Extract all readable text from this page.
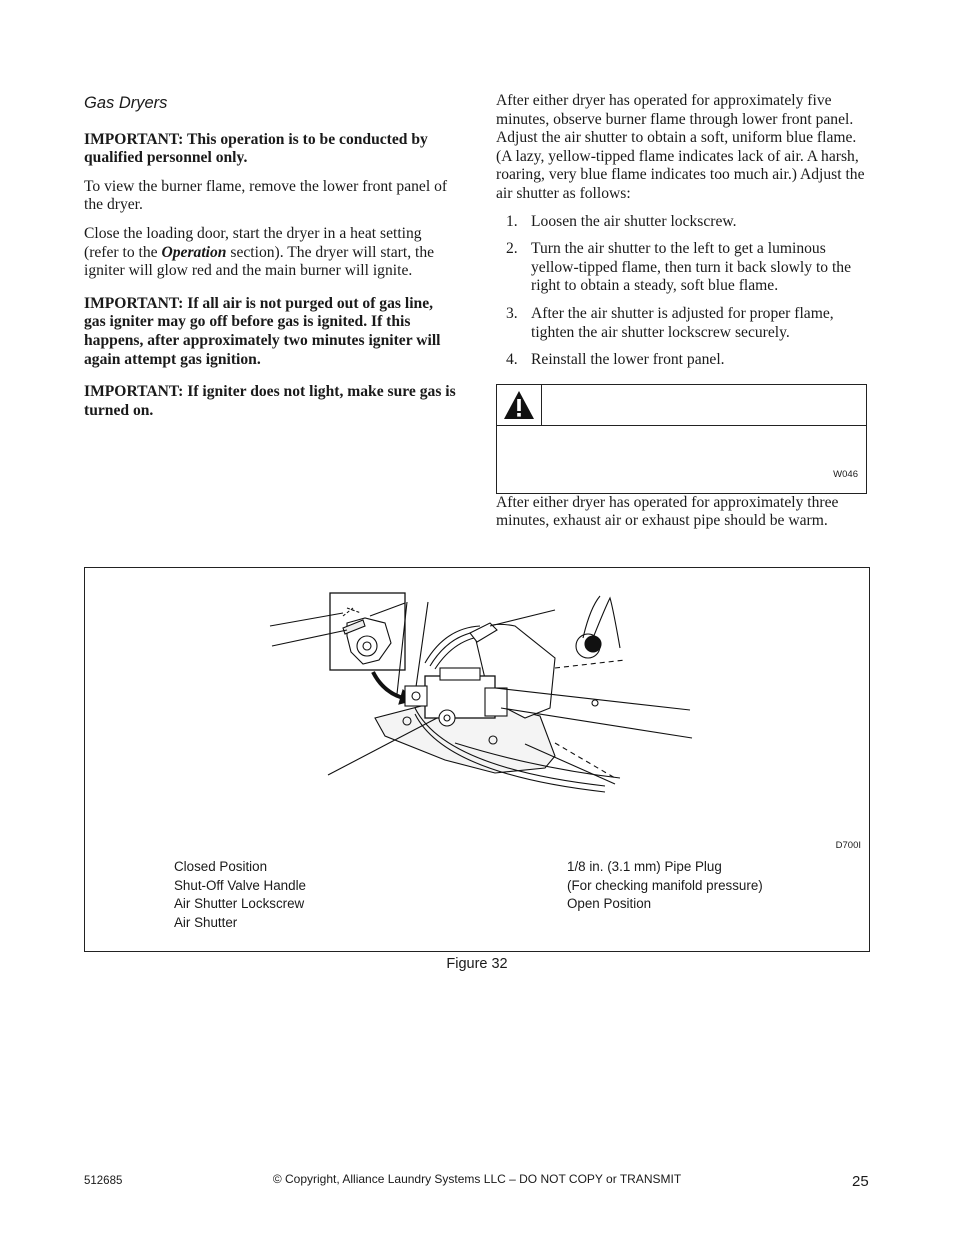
Gas Dryers

IMPORTANT: This operation is to be conducted by qualified personnel only.

To view the burner flame, remove the lower front panel of the dryer.

Close the loading door, start the dryer in a heat setting (refer to the Operation section). The dryer will start, the igniter will glow red and the main burner will ignite.

IMPORTANT: If all air is not purged out of gas line, gas igniter may go off before gas is ignited. If this happens, after approximately two minutes igniter will again attempt gas ignition.

IMPORTANT: If igniter does not light, make sure gas is turned on.

After either dryer has operated for approximately five minutes, observe burner flame through lower front panel. Adjust the air shutter to obtain a soft, uniform blue flame. (A lazy, yellow-tipped flame indicates lack of air. A harsh, roaring, very blue flame indicates too much air.) Adjust the air shutter as follows:

1. Loosen the air shutter lockscrew.
2. Turn the air shutter to the left to get a luminous yellow-tipped flame, then turn it back slowly to the right to obtain a steady, soft blue flame.
3. After the air shutter is adjusted for proper flame, tighten the air shutter lockscrew securely.
4. Reinstall the lower front panel.
W046

After either dryer has operated for approximately three minutes, exhaust air or exhaust pipe should be warm.

D700I
Closed Position
Shut-Off Valve Handle
Air Shutter Lockscrew
Air Shutter
1/8 in. (3.1 mm) Pipe Plug
(For checking manifold pressure)
Open Position
Figure 32
512685	© Copyright, Alliance Laundry Systems LLC – DO NOT COPY or TRANSMIT	25
